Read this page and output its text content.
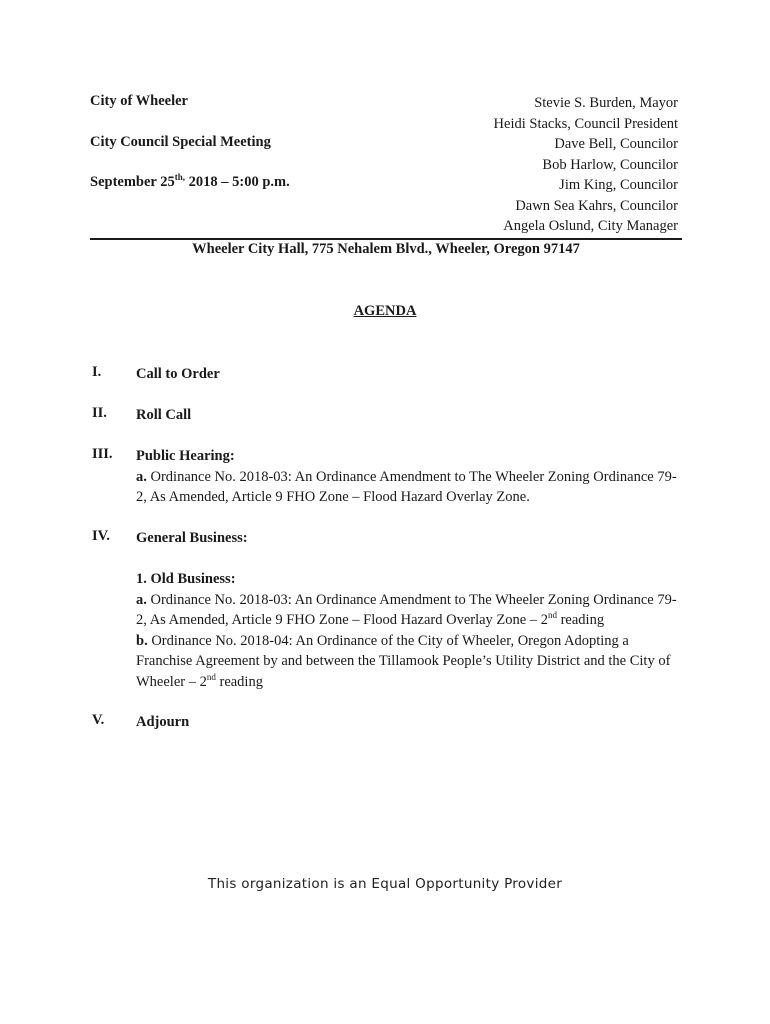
City of Wheeler
City Council Special Meeting
September $25^{th,}$ 2018 – 5:00 p.m.
Stevie S. Burden, Mayor
Heidi Stacks, Council President
Dave Bell, Councilor
Bob Harlow, Councilor
Jim King, Councilor
Dawn Sea Kahrs, Councilor
Angela Oslund, City Manager
Wheeler City Hall, 775 Nehalem Blvd., Wheeler, Oregon 97147
AGENDA
I. Call to Order
II. Roll Call
III. Public Hearing:
a. Ordinance No. 2018-03: An Ordinance Amendment to The Wheeler Zoning Ordinance 79-2, As Amended, Article 9 FHO Zone – Flood Hazard Overlay Zone.
IV. General Business:
1. Old Business:
a. Ordinance No. 2018-03: An Ordinance Amendment to The Wheeler Zoning Ordinance 79-2, As Amended, Article 9 FHO Zone – Flood Hazard Overlay Zone – 2nd reading
b. Ordinance No. 2018-04: An Ordinance of the City of Wheeler, Oregon Adopting a Franchise Agreement by and between the Tillamook People’s Utility District and the City of Wheeler – 2nd reading
V. Adjourn
This organization is an Equal Opportunity Provider
